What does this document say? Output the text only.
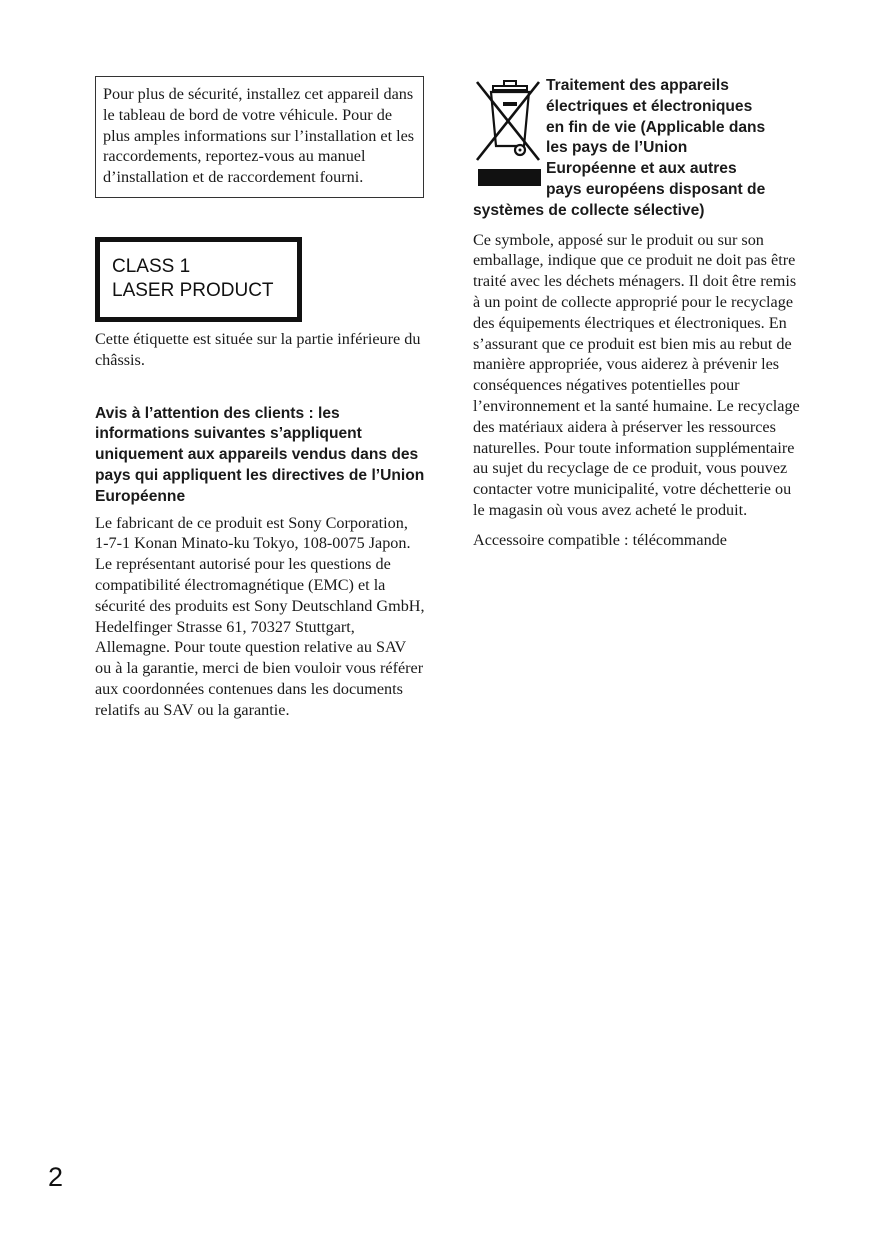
Pour plus de sécurité, installez cet appareil dans le tableau de bord de votre véhicule. Pour de plus amples informations sur l’installation et les raccordements, reportez-vous au manuel d’installation et de raccordement fourni.

CLASS 1
LASER PRODUCT

Cette étiquette est située sur la partie inférieure du châssis.

Avis à l’attention des clients : les informations suivantes s’appliquent uniquement aux appareils vendus dans des pays qui appliquent les directives de l’Union Européenne

Le fabricant de ce produit est Sony Corporation, 1-7-1 Konan Minato-ku Tokyo, 108-0075 Japon. Le représentant autorisé pour les questions de compatibilité électromagnétique (EMC) et la sécurité des produits est Sony Deutschland GmbH, Hedelfinger Strasse 61, 70327 Stuttgart, Allemagne. Pour toute question relative au SAV ou à la garantie, merci de bien vouloir vous référer aux coordonnées contenues dans les documents relatifs au SAV ou la garantie.

Traitement des appareils
électriques et électroniques
en fin de vie (Applicable dans
les pays de l’Union
Européenne et aux autres
pays européens disposant de
systèmes de collecte sélective)

Ce symbole, apposé sur le produit ou sur son emballage, indique que ce produit ne doit pas être traité avec les déchets ménagers. Il doit être remis à un point de collecte approprié pour le recyclage des équipements électriques et électroniques. En s’assurant que ce produit est bien mis au rebut de manière appropriée, vous aiderez à prévenir les conséquences négatives potentielles pour l’environnement et la santé humaine. Le recyclage des matériaux aidera à préserver les ressources naturelles. Pour toute information supplémentaire au sujet du recyclage de ce produit, vous pouvez contacter votre municipalité, votre déchetterie ou le magasin où vous avez acheté le produit.

Accessoire compatible : télécommande

2
